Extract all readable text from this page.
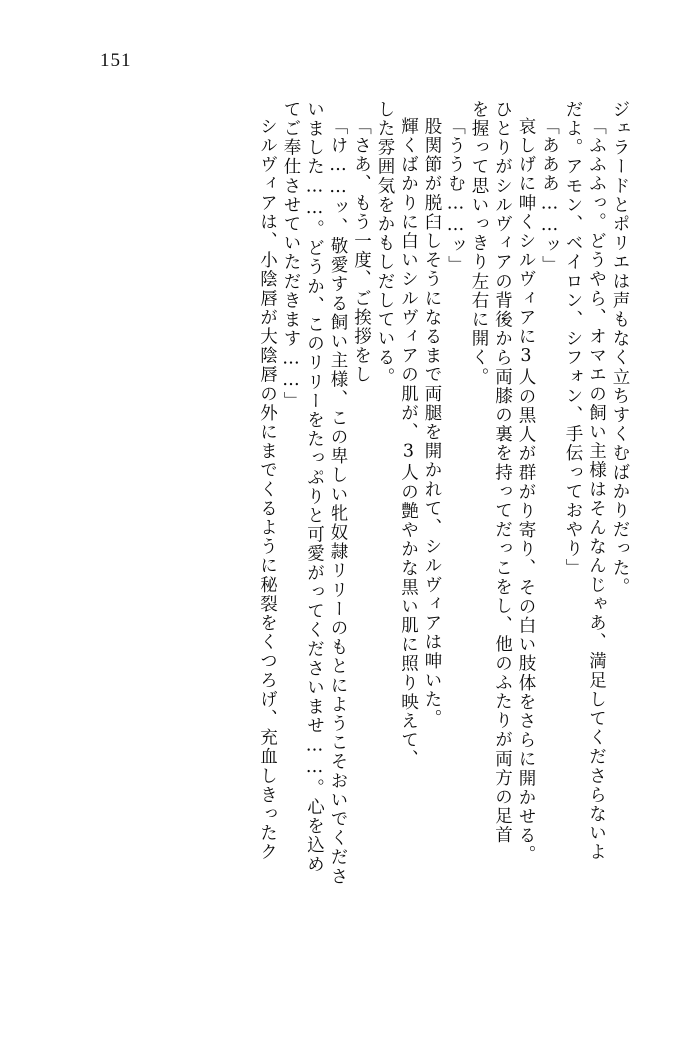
151
ジェラードとポリエは声もなく立ちすくむばかりだった。
「ふふふっ。どうやら、オマエの飼い主様はそんなんじゃあ、満足してくださらないよ
だよ。アモン、ベイロン、シフォン、手伝っておやり」
「あああ……ッ」
哀しげに呻くシルヴィアに3人の黒人が群がり寄り、その白い肢体をさらに開かせる。
ひとりがシルヴィアの背後から両膝の裏を持ってだっこをし、他のふたりが両方の足首
を握って思いっきり左右に開く。
「ううむ……ッ」
股関節が脱臼しそうになるまで両腿を開かれて、シルヴィアは呻いた。
輝くばかりに白いシルヴィアの肌が、3人の艶やかな黒い肌に照り映えて、
した雰囲気をかもしだしている。
「さあ、もう一度、ご挨拶をし
「け……ッ、敬愛する飼い主様、この卑しい牝奴隷リリーのもとにようこそおいでくださ
いました……。どうか、このリリーをたっぷりと可愛がってくださいませ……。心を込め
てご奉仕させていただきます……」
シルヴィアは、小陰唇が大陰唇の外にまでくるように秘裂をくつろげ、充血しきったク
